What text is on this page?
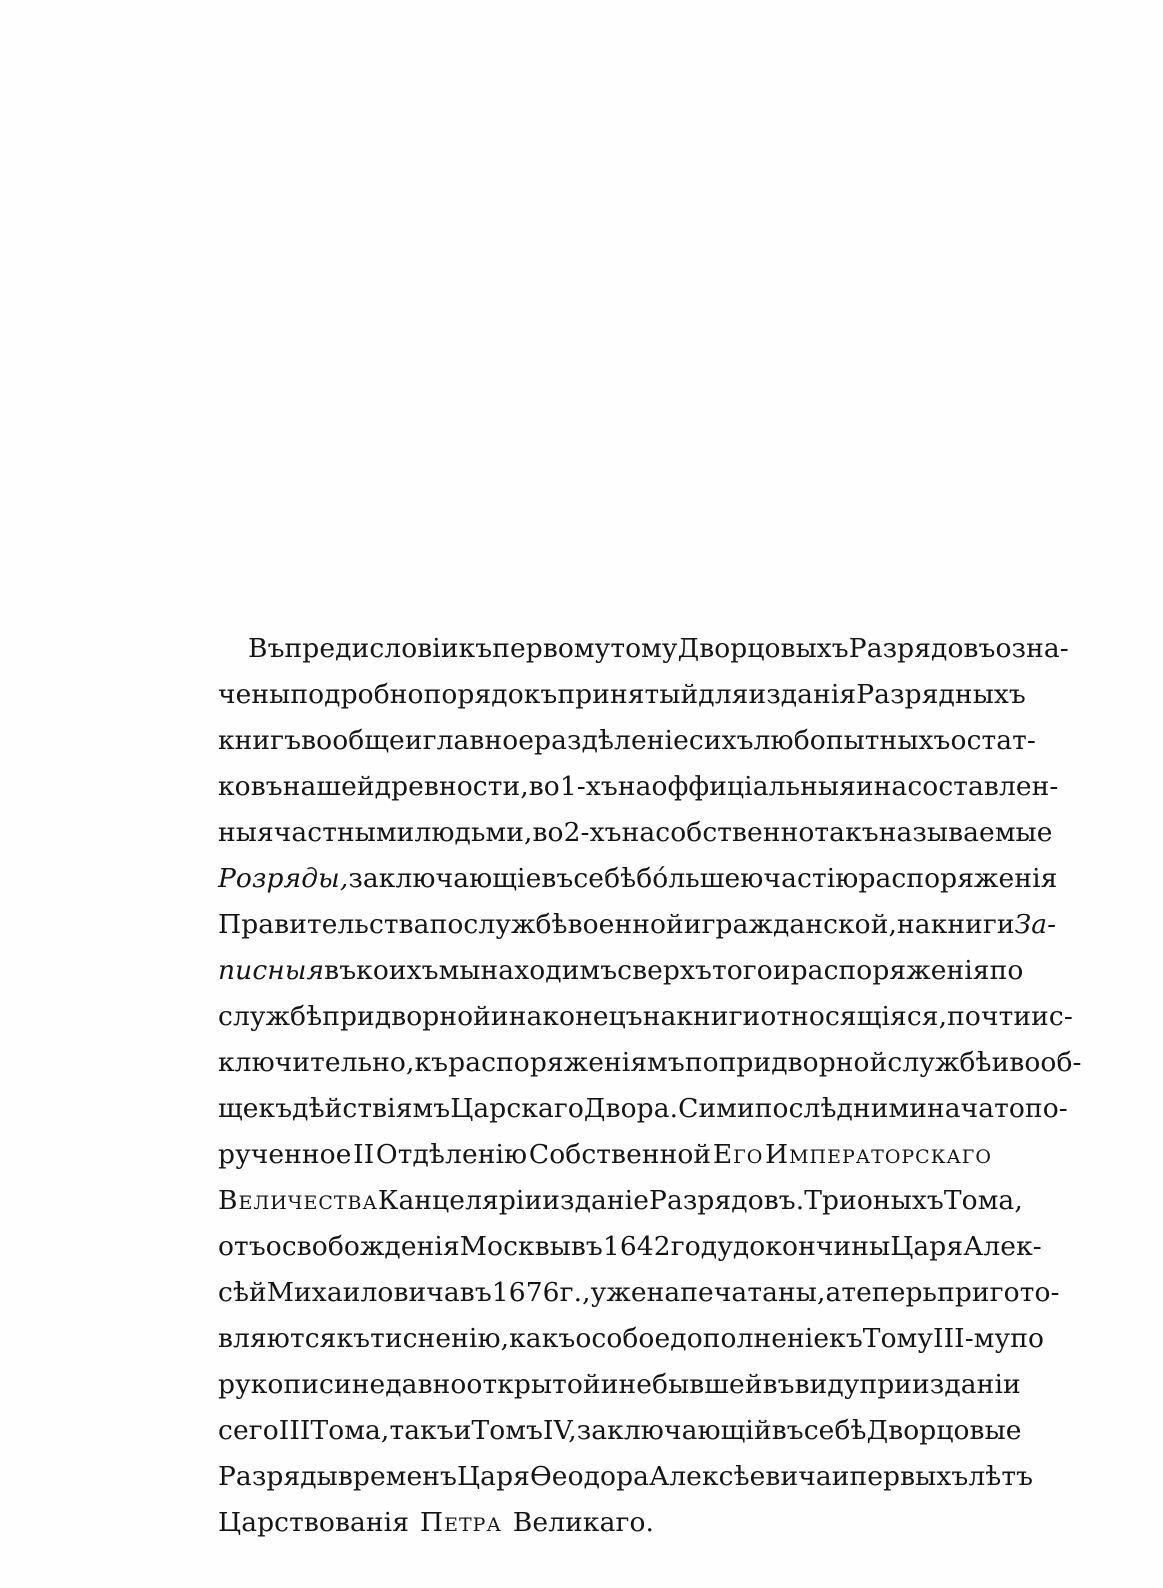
Въ предисловіи къ первому тому Дворцовыхъ Разрядовъ озна-
чены подробно порядокъ принятый для изданія Разрядныхъ
книгъ вообще и главное раздѣленіе сихъ любопытныхъ остат-
ковъ нашей древности, во 1-хъ на оффиціальныя и на составлен-
ныя частными людьми, во 2-хъ на собственно такъ называемые
Розряды, заключающіе въ себѣ бо́льшею частію распоряженія
Правительства по службѣ военной и гражданской, на книги За-
писныя въ коихъ мы находимъ сверхъ того и распоряженія по
службѣ придворной и наконецъ на книги относящіяся, почти ис-
ключительно, къ распоряженіямъ по придворной службѣ и вооб-
ще къ дѣйствіямъ Царскаго Двора. Сими послѣдними начато по-
рученное II Отдѣленію Собственной Его Императорскаго
Величества Канцеляріи изданіе Разрядовъ. Три оныхъ Тома,
отъ освобожденія Москвы въ 1642 году до кончины Царя Алек-
сѣй Михаиловича въ 1676 г., уже напечатаны, а теперь пригото-
вляются къ тисненію, какъ особое дополненіе къ Тому III-му по
рукописи недавно открытой и не бывшей въ виду при изданіи
сего III Тома, такъ и Томъ IV, заключающій въ себѣ Дворцовые
Разряды временъ Царя Ѳеодора Алексѣевича и первыхъ лѣтъ
Царствованія Петра Великаго.
